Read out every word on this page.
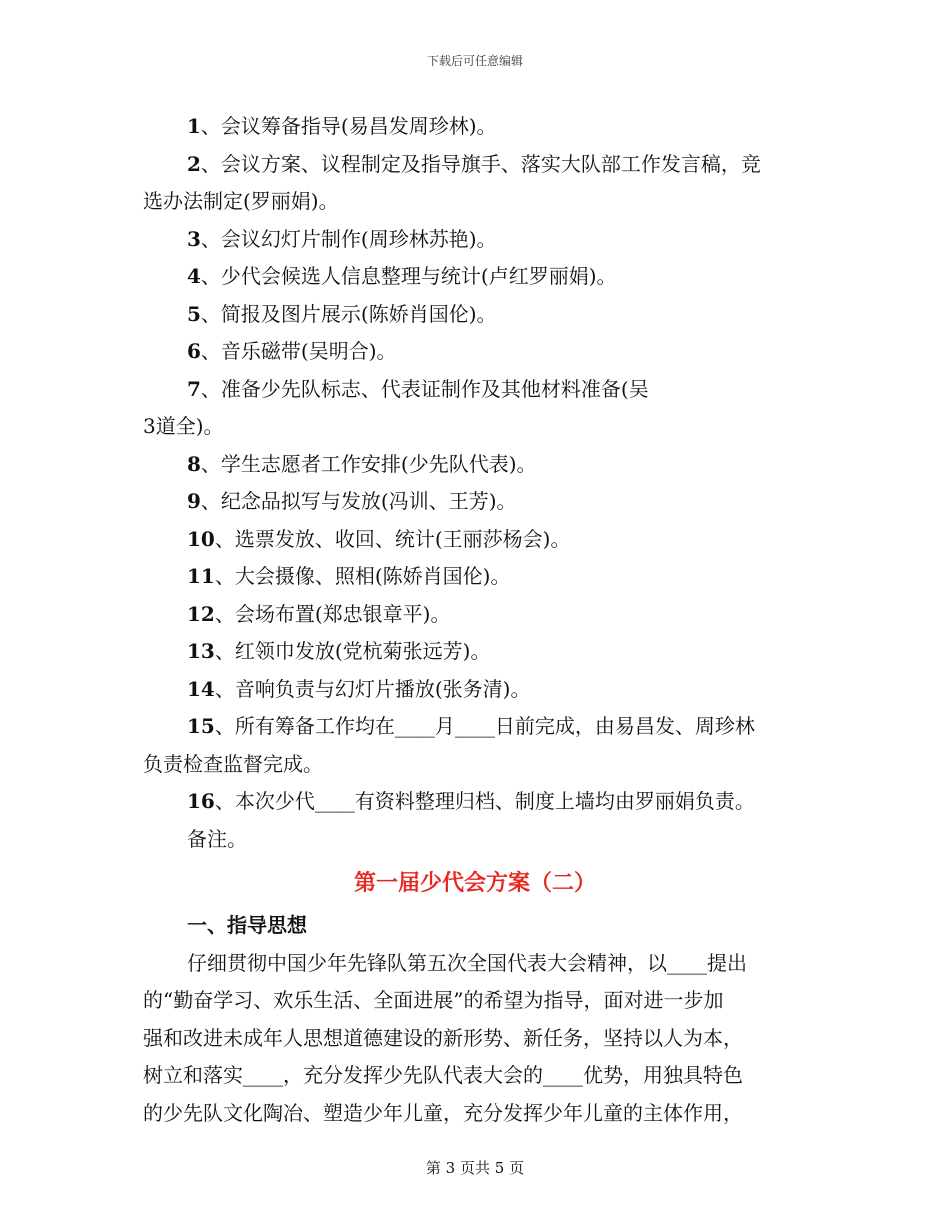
下载后可任意编辑
1、会议筹备指导(易昌发周珍林)。
2、会议方案、议程制定及指导旗手、落实大队部工作发言稿，竞
选办法制定(罗丽娟)。
3、会议幻灯片制作(周珍林苏艳)。
4、少代会候选人信息整理与统计(卢红罗丽娟)。
5、简报及图片展示(陈娇肖国伦)。
6、音乐磁带(吴明合)。
7、准备少先队标志、代表证制作及其他材料准备(吴
3道全)。
8、学生志愿者工作安排(少先队代表)。
9、纪念品拟写与发放(冯训、王芳)。
10、选票发放、收回、统计(王丽莎杨会)。
11、大会摄像、照相(陈娇肖国伦)。
12、会场布置(郑忠银章平)。
13、红领巾发放(党杭菊张远芳)。
14、音响负责与幻灯片播放(张务清)。
15、所有筹备工作均在____月____日前完成，由易昌发、周珍林
负责检查监督完成。
16、本次少代____有资料整理归档、制度上墙均由罗丽娟负责。
备注。
第一届少代会方案（二）
一、指导思想
仔细贯彻中国少年先锋队第五次全国代表大会精神，以____提出
的“勤奋学习、欢乐生活、全面进展”的希望为指导，面对进一步加
强和改进未成年人思想道德建设的新形势、新任务，坚持以人为本，
树立和落实____，充分发挥少先队代表大会的____优势，用独具特色
的少先队文化陶冶、塑造少年儿童，充分发挥少年儿童的主体作用，
第 3 页共 5 页
